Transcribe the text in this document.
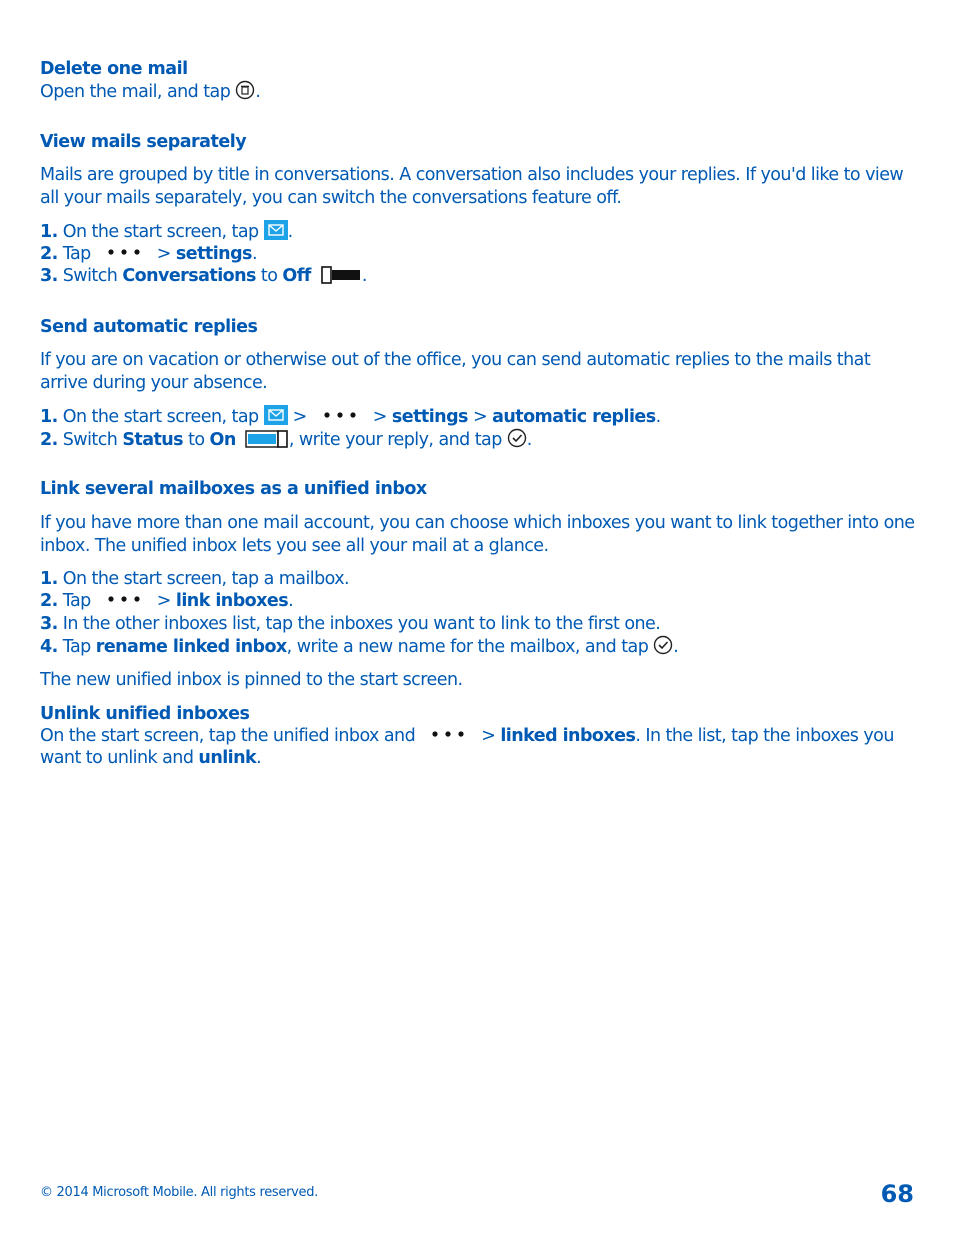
Delete one mail
Open the mail, and tap .
View mails separately
Mails are grouped by title in conversations. A conversation also includes your replies. If you'd like to view all your mails separately, you can switch the conversations feature off.
1. On the start screen, tap .
2. Tap	> settings.
3. Switch Conversations to Off	.
Send automatic replies
If you are on vacation or otherwise out of the office, you can send automatic replies to the mails that arrive during your absence.
1. On the start screen, tap >	> settings > automatic replies.
2. Switch Status to On	, write your reply, and tap .
Link several mailboxes as a unified inbox
If you have more than one mail account, you can choose which inboxes you want to link together into one inbox. The unified inbox lets you see all your mail at a glance.
1. On the start screen, tap a mailbox.
2. Tap	> link inboxes.
3. In the other inboxes list, tap the inboxes you want to link to the first one.
4. Tap rename linked inbox, write a new name for the mailbox, and tap .
The new unified inbox is pinned to the start screen.
Unlink unified inboxes
On the start screen, tap the unified inbox and	> linked inboxes. In the list, tap the inboxes you
want to unlink and unlink.
© 2014 Microsoft Mobile. All rights reserved.	68
